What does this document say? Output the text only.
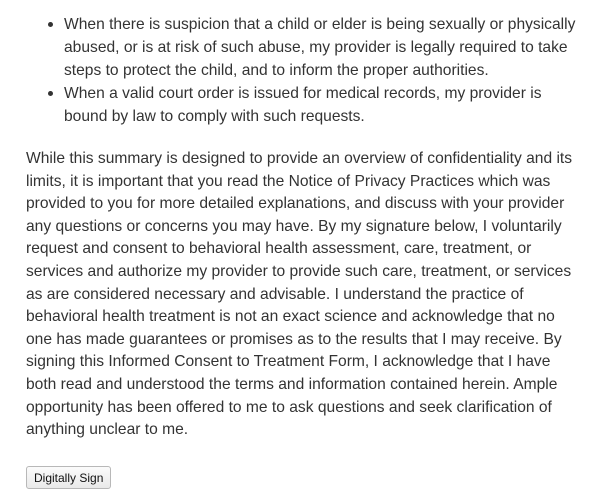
When there is suspicion that a child or elder is being sexually or physically abused, or is at risk of such abuse, my provider is legally required to take steps to protect the child, and to inform the proper authorities.
When a valid court order is issued for medical records, my provider is bound by law to comply with such requests.

While this summary is designed to provide an overview of confidentiality and its limits, it is important that you read the Notice of Privacy Practices which was provided to you for more detailed explanations, and discuss with your provider any questions or concerns you may have. By my signature below, I voluntarily request and consent to behavioral health assessment, care, treatment, or services and authorize my provider to provide such care, treatment, or services as are considered necessary and advisable. I understand the practice of behavioral health treatment is not an exact science and acknowledge that no one has made guarantees or promises as to the results that I may receive. By signing this Informed Consent to Treatment Form, I acknowledge that I have both read and understood the terms and information contained herein. Ample opportunity has been offered to me to ask questions and seek clarification of anything unclear to me.

Digitally Sign
